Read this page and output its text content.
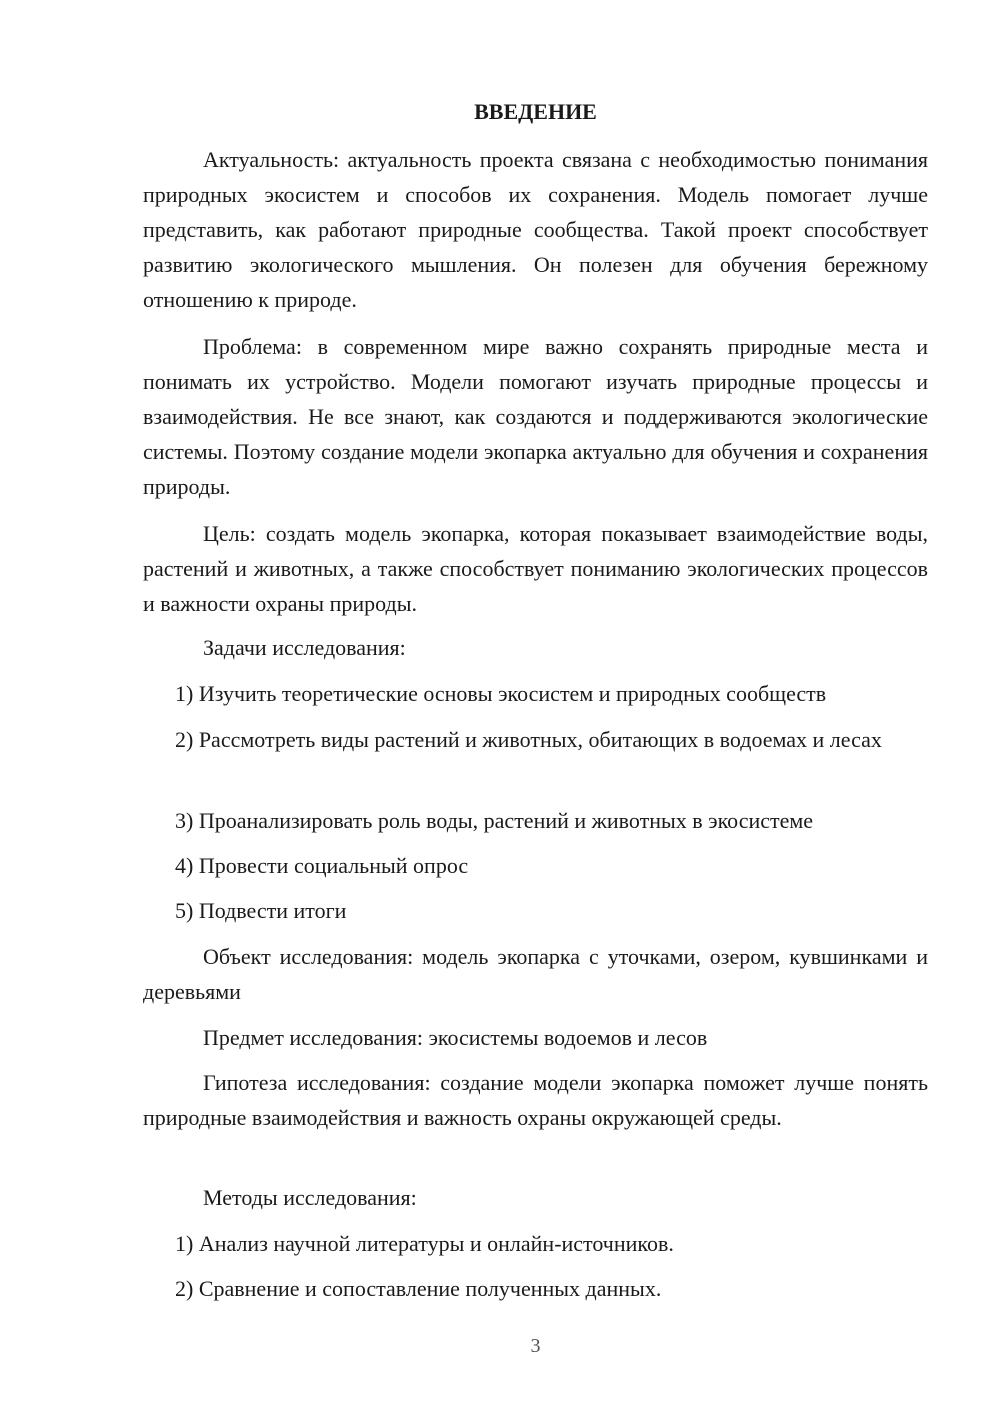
ВВЕДЕНИЕ

Актуальность: актуальность проекта связана с необходимостью понимания природных экосистем и способов их сохранения. Модель помогает лучше представить, как работают природные сообщества. Такой проект способствует развитию экологического мышления. Он полезен для обучения бережному отношению к природе.

Проблема: в современном мире важно сохранять природные места и понимать их устройство. Модели помогают изучать природные процессы и взаимодействия. Не все знают, как создаются и поддерживаются экологические системы. Поэтому создание модели экопарка актуально для обучения и сохранения природы.

Цель: создать модель экопарка, которая показывает взаимодействие воды, растений и животных, а также способствует пониманию экологических процессов и важности охраны природы.

Задачи исследования:

1) Изучить теоретические основы экосистем и природных сообществ

2) Рассмотреть виды растений и животных, обитающих в водоемах и лесах

3) Проанализировать роль воды, растений и животных в экосистеме

4) Провести социальный опрос

5) Подвести итоги

Объект исследования: модель экопарка с уточками, озером, кувшинками и деревьями

Предмет исследования: экосистемы водоемов и лесов

Гипотеза исследования: создание модели экопарка поможет лучше понять природные взаимодействия и важность охраны окружающей среды.

Методы исследования:

1) Анализ научной литературы и онлайн-источников.

2) Сравнение и сопоставление полученных данных.

3
